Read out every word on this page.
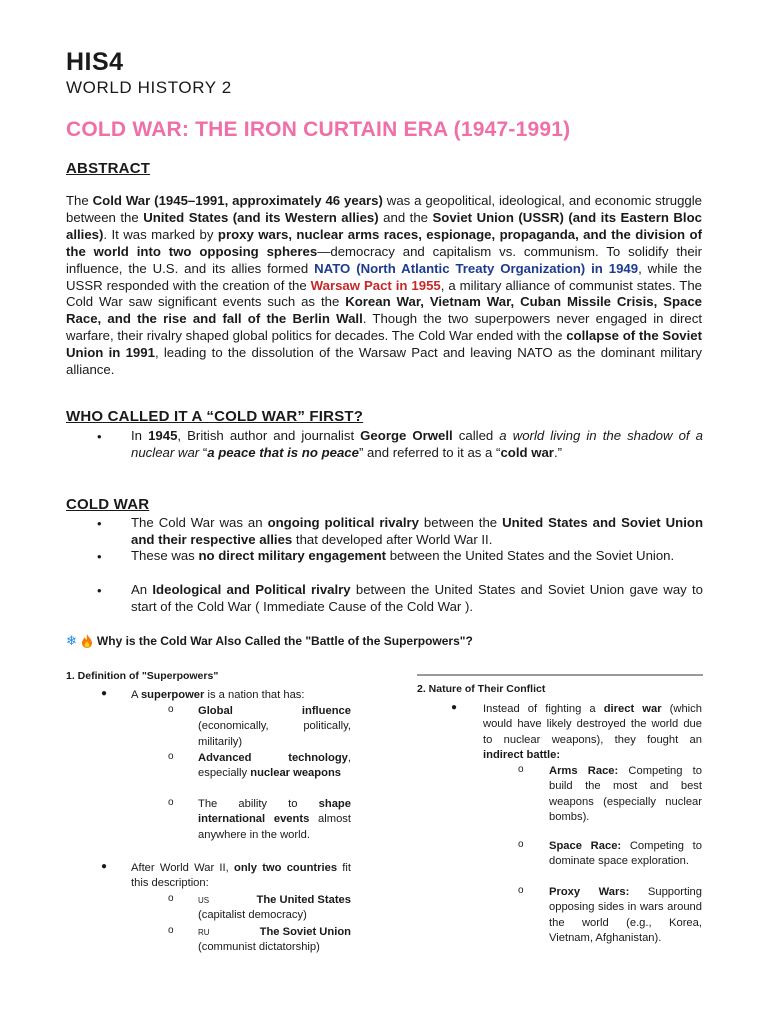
HIS4
WORLD HISTORY 2
COLD WAR: THE IRON CURTAIN ERA (1947-1991)
ABSTRACT
The Cold War (1945–1991, approximately 46 years) was a geopolitical, ideological, and economic struggle between the United States (and its Western allies) and the Soviet Union (USSR) (and its Eastern Bloc allies). It was marked by proxy wars, nuclear arms races, espionage, propaganda, and the division of the world into two opposing spheres—democracy and capitalism vs. communism. To solidify their influence, the U.S. and its allies formed NATO (North Atlantic Treaty Organization) in 1949, while the USSR responded with the creation of the Warsaw Pact in 1955, a military alliance of communist states. The Cold War saw significant events such as the Korean War, Vietnam War, Cuban Missile Crisis, Space Race, and the rise and fall of the Berlin Wall. Though the two superpowers never engaged in direct warfare, their rivalry shaped global politics for decades. The Cold War ended with the collapse of the Soviet Union in 1991, leading to the dissolution of the Warsaw Pact and leaving NATO as the dominant military alliance.
WHO CALLED IT A “COLD WAR” FIRST?
• In 1945, British author and journalist George Orwell called a world living in the shadow of a nuclear war “a peace that is no peace” and referred to it as a “cold war.”
COLD WAR
• The Cold War was an ongoing political rivalry between the United States and Soviet Union and their respective allies that developed after World War II.
• These was no direct military engagement between the United States and the Soviet Union.
• An Ideological and Political rivalry between the United States and Soviet Union gave way to start of the Cold War ( Immediate Cause of the Cold War ).
❄ Why is the Cold War Also Called the "Battle of the Superpowers"?
1. Definition of "Superpowers"
● A superpower is a nation that has:
o Global influence (economically, politically, militarily)
o Advanced technology, especially nuclear weapons
o The ability to shape international events almost anywhere in the world.
● After World War II, only two countries fit this description:
o	US	The United States
(capitalist democracy)
o	RU	The Soviet Union
(communist dictatorship)
2. Nature of Their Conflict
● Instead of fighting a direct war (which would have likely destroyed the world due to nuclear weapons), they fought an indirect battle:
o Arms Race: Competing to build the most and best weapons (especially nuclear bombs).
o Space Race: Competing to dominate space exploration.
o Proxy Wars: Supporting opposing sides in wars around the world (e.g., Korea, Vietnam, Afghanistan).
